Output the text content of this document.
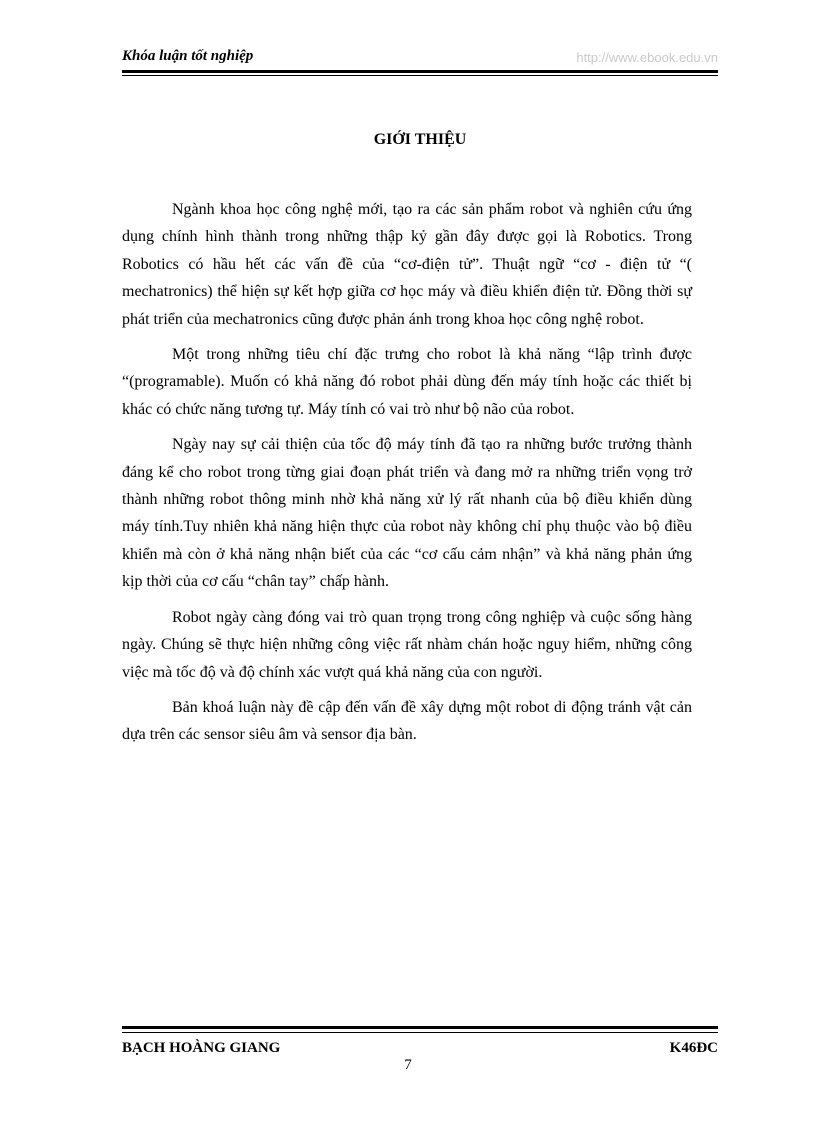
Khóa luận tốt nghiệp	http://www.ebook.edu.vn
GIỚI THIỆU

Ngành khoa học công nghệ mới, tạo ra các sản phẩm robot và nghiên cứu ứng dụng chính hình thành trong những thập kỷ gần đây được gọi là Robotics. Trong Robotics có hầu hết các vấn đề của “cơ-điện tử”. Thuật ngữ “cơ - điện tử “( mechatronics) thể hiện sự kết hợp giữa cơ học máy và điều khiển điện tử. Đồng thời sự phát triển của mechatronics cũng được phản ánh trong khoa học công nghệ robot.

Một trong những tiêu chí đặc trưng cho robot là khả năng “lập trình được “(programable). Muốn có khả năng đó robot phải dùng đến máy tính hoặc các thiết bị khác có chức năng tương tự. Máy tính có vai trò như bộ não của robot.

Ngày nay sự cải thiện của tốc độ máy tính đã tạo ra những bước trưởng thành đáng kể cho robot trong từng giai đoạn phát triển và đang mở ra những triển vọng trở thành những robot thông minh nhờ khả năng xử lý rất nhanh của bộ điều khiển dùng máy tính.Tuy nhiên khả năng hiện thực của robot này không chỉ phụ thuộc vào bộ điều khiển mà còn ở khả năng nhận biết của các “cơ cấu cảm nhận” và khả năng phản ứng kịp thời của cơ cấu “chân tay” chấp hành.

Robot ngày càng đóng vai trò quan trọng trong công nghiệp và cuộc sống hàng ngày. Chúng sẽ thực hiện những công việc rất nhàm chán hoặc nguy hiểm, những công việc mà tốc độ và độ chính xác vượt quá khả năng của con người.

Bản khoá luận này đề cập đến vấn đề xây dựng một robot di động tránh vật cản dựa trên các sensor siêu âm và sensor địa bàn.

BẠCH HOÀNG GIANG	K46ĐC
7
